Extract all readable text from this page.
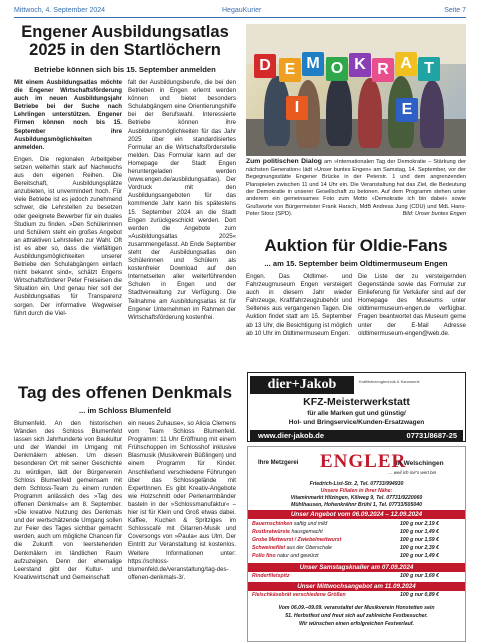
Mittwoch, 4. September 2024	HegauKurier	Seite 7
Engener Ausbildungsatlas
2025 in den Startlöchern
Betriebe können sich bis 15. September anmelden

Mit einem Ausbildungsatlas möchte die Engener Wirtschaftsförderung auch im neuen Ausbildungsjahr Betriebe bei der Suche nach Lehrlingen unterstützen. Engener Firmen können noch bis 15. September ihre Ausbildungsmöglichkeiten anmelden.

Engen. Die regionalen Arbeitgeber setzen weiterhin stark auf Nachwuchs aus den eigenen Reihen. Die Bereitschaft, Ausbildungsplätze anzubieten, ist unvermindert hoch. Für viele Betriebe ist es jedoch zunehmend schwer, die Lehrstellen zu besetzen oder geeignete Bewerber für ein duales Studium zu finden. »Den Schülerinnen und Schülern steht ein großes Angebot an attraktiven Lehrstellen zur Wahl. Oft ist es aber so, dass die vielfältigen Ausbildungsmöglichkeiten unserer Betriebe den Schulabgängern einfach nicht bekannt sind«, schätzt Engens Wirtschaftsförderer Peter Freiseisen die Situation ein. Und genau hier soll der Ausbildungsatlas für Transparenz sorgen. Der informative Wegweiser führt durch die Viel-

falt der Ausbildungsberufe, die bei den Betrieben in Engen erlernt werden können und bietet besonders Schulabgängern eine Orientierungshilfe bei der Berufswahl. Interessierte Betriebe können ihre Ausbildungsmöglichkeiten für das Jahr 2025 über ein standardisiertes Formular an die Wirtschaftsförderstelle melden. Das Formular kann auf der Homepage der Stadt Engen heruntergeladen werden (www.engen.de/ausbildungsatlas). Der Vordruck mit den Ausbildungsangeboten für das kommende Jahr kann bis spätestens 15. September 2024 an die Stadt Engen zurückgeschickt werden. Dort werden die Angebote zum »Ausbildungsatlas 2025« zusammengefasst. Ab Ende September steht der Ausbildungsatlas den Schülerinnen und Schülern als kostenfreier Download auf den Internetseiten aller weiterführenden Schulen in Engen und der Stadtverwaltung zur Verfügung. Die Teilnahme am Ausbildungsatlas ist für Engener Unternehmen im Rahmen der Wirtschaftsförderung kostenfrei.

D E M O K R A T
I	E
Zum politischen Dialog am »Internationalen Tag der Demokratie – Stärkung der nächsten Generation« lädt »Unser buntes Engen« am Samstag, 14. September, vor der Begegnungsstätte Engener Brücke in der Peterstr. 1 und dem angrenzenden Planspielen zwischen 11 und 14 Uhr ein. Die Veranstaltung hat das Ziel, die Bedeutung der Demokratie in unserer Gesellschaft zu betonen. Auf dem Programm stehen unter anderem ein gemeinsames Foto zum Motto »Demokratie ich bin dabei« sowie Grußworte von Bürgermeister Frank Harsch, MdB Andreas Jung (CDU) und MdL Hans-Peter Storz (SPD).	Bild: Unser buntes Engen
Auktion für Oldie-Fans
... am 15. September beim Oldtimermuseum Engen
Engen. Das Oldtimer- und Fahrzeugmuseum Engen versteigert auch in diesem Jahr wieder Fahrzeuge, Kraftfahrzeugzubehör und Seltenes aus vergangenen Tagen. Die Auktion findet statt am 15. September ab 13 Uhr, die Besichtigung ist möglich ab 10 Uhr im Oldtimermuseum Engen.
Die Liste der zu versteigernden Gegenstände sowie das Formular zur Einlieferung für Verkäufer sind auf der Homepage des Museums unter oldtimermuseum-engen.de verfügbar. Fragen beantwortet das Museum gerne unter der E-Mail Adresse oldtimermuseum-engen@web.de.
Tag des offenen Denkmals
... im Schloss Blumenfeld
Blumenfeld. An den historischen Wänden des Schloss Blumenfeld lassen sich Jahrhunderte von Baukultur und der Wandel im Umgang mit Denkmälern ablesen. Um diesen besonderen Ort mit seiner Geschichte zu würdigen, lädt der Bürgerverein Schloss Blumenfeld gemeinsam mit dem Schloss-Team zu einem runden Programm anlässlich des »Tag des offenen Denkmals« am 8. September. »Die kreative Nutzung des Denkmals und der wertschätzende Umgang sollen zur Feier des Tages sichtbar gemacht werden, auch um mögliche Chancen für die Zukunft von leerstehenden Denkmälern im ländlichen Raum aufzuzeigen. Denn der ehemalige Leerstand gibt der Kultur- und Kreativwirtschaft und Gemeinschaft
ein neues Zuhause«, so Alicia Clemens vom Team Schloss Blumenfeld. Programm: 11 Uhr Eröffnung mit einem Frühschoppen im Schlosshof inklusive Blasmusik (Musikverein Büßlingen) und einem Programm für Kinder. Anschließend verschiedene Führungen über das Schlossgelände mit ExpertInnen. Es gibt Kreativ-Angebote wie Holzschnitt oder Perlenarmbänder basteln in der »Schlossmanufaktur« – hier ist für Klein und Groß etwas dabei. Kaffee, Kuchen & Spritziges im Schlosscafé mit Gitarren-Musik und Coversongs von »Paula« aus Ulm. Der Eintritt zur Veranstaltung ist kostenlos. Weitere Informationen unter: https://schloss-blumenfeld.de/veranstaltung/tag-des-offenen-denkmals-3/.
dier+Jakob	Kraftfahrzeugtechnik & Karosserie
KFZ-Meisterwerkstatt
für alle Marken gut und günstig/
Hol- und Bringservice/Kunden-Ersatzwagen
www.dier-jakob.de	07731/8687-25
Ihre Metzgerei ENGLER
in Welschingen
… weil ich mir's wert bin
Friedrich-List-Str. 2, Tel. 07733/994930
Unsere Filialen in Ihrer Nähe:
Vitaminmarkt Hilzingen, Kiliweg 9, Tel. 07731/9220060
Mühlhausen, Hohenkrähnr Brühl 1, Tel. 07733/505040
Unser Angebot vom 06.09.2024 – 12.09.2024
Bauernschinken saftig und mild	100 g nur 2,19 €
Rostbratwürste hausgemacht	100 g nur 1,49 €
Grobe Mettwurst / Zwiebelmettwurst	100 g nur 1,59 €
Schweinefilet aus der Oberschale	100 g nur 2,39 €
Pollo fino natur und gewürzt	100 g nur 1,49 €
Unser Samstagsknaller am 07.09.2024
Rinderfiletspitz	100 g nur 3,69 €
Unser Mittwochsangebot am 11.09.2024
Fleischkäsebrät verschiedene Größen	100 g nur 0,89 €
Vom 06.09.–09.09. veranstaltet der Musikverein Honstetten sein
51. Herbstfest und freut sich auf zahlreiche Festbesucher.
Wir wünschen einen erfolgreichen Festverlauf.
